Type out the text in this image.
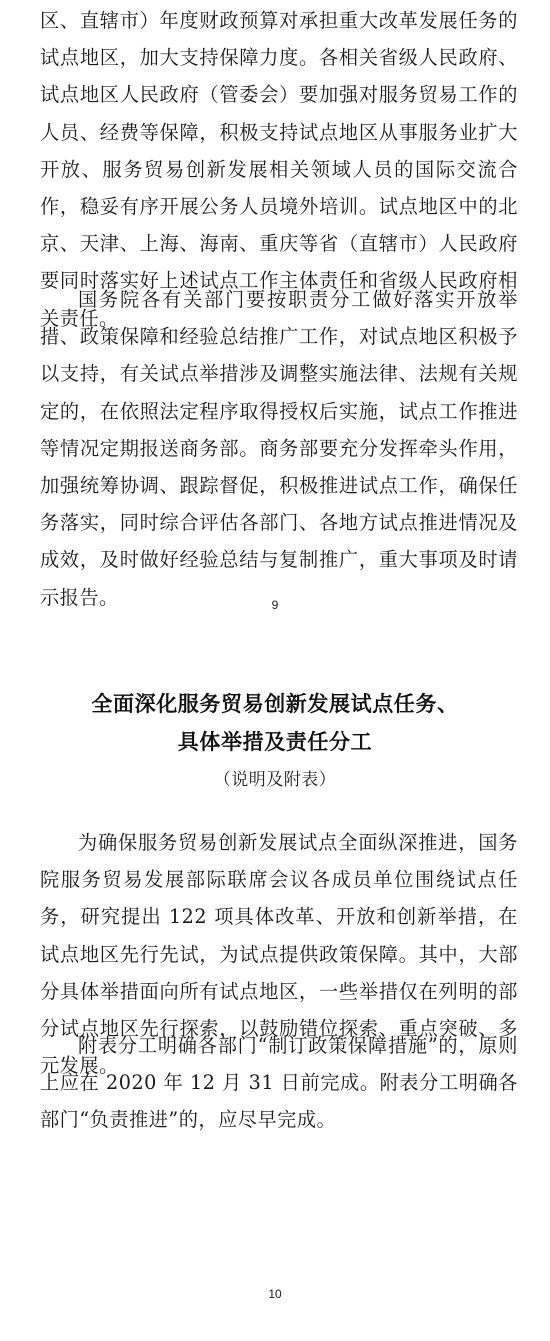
区、直辖市）年度财政预算对承担重大改革发展任务的试点地区，加大支持保障力度。各相关省级人民政府、试点地区人民政府（管委会）要加强对服务贸易工作的人员、经费等保障，积极支持试点地区从事服务业扩大开放、服务贸易创新发展相关领域人员的国际交流合作，稳妥有序开展公务人员境外培训。试点地区中的北京、天津、上海、海南、重庆等省（直辖市）人民政府要同时落实好上述试点工作主体责任和省级人民政府相关责任。

国务院各有关部门要按职责分工做好落实开放举措、政策保障和经验总结推广工作，对试点地区积极予以支持，有关试点举措涉及调整实施法律、法规有关规定的，在依照法定程序取得授权后实施，试点工作推进等情况定期报送商务部。商务部要充分发挥牵头作用，加强统筹协调、跟踪督促，积极推进试点工作，确保任务落实，同时综合评估各部门、各地方试点推进情况及成效，及时做好经验总结与复制推广，重大事项及时请示报告。	9
全面深化服务贸易创新发展试点任务、
具体举措及责任分工
（说明及附表）

为确保服务贸易创新发展试点全面纵深推进，国务院服务贸易发展部际联席会议各成员单位围绕试点任务，研究提出 122 项具体改革、开放和创新举措，在试点地区先行先试，为试点提供政策保障。其中，大部分具体举措面向所有试点地区，一些举措仅在列明的部分试点地区先行探索，以鼓励错位探索、重点突破、多元发展。

附表分工明确各部门“制订政策保障措施”的，原则上应在 2020 年 12 月 31 日前完成。附表分工明确各部门“负责推进”的，应尽早完成。

10
